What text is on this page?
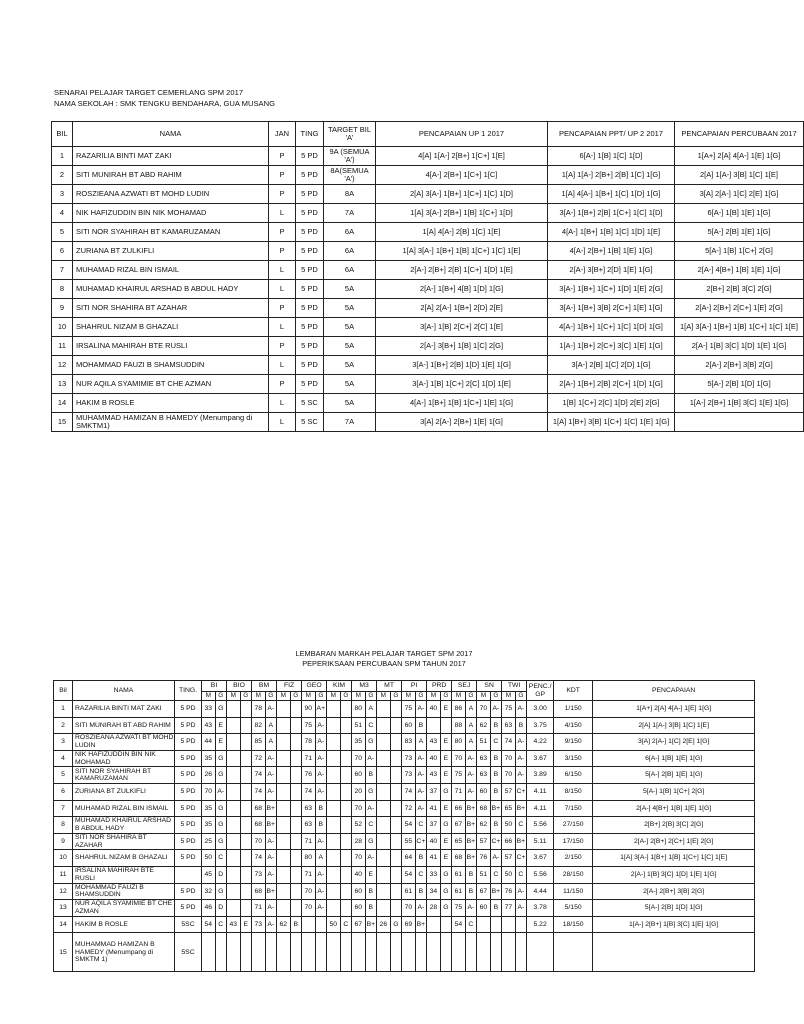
SENARAI PELAJAR TARGET CEMERLANG SPM 2017
NAMA SEKOLAH : SMK TENGKU BENDAHARA, GUA MUSANG
BIL	NAMA	JAN	TING	TARGET BIL 'A'	PENCAPAIAN UP 1 2017	PENCAPAIAN PPT/ UP 2 2017	PENCAPAIAN PERCUBAAN 2017
1	RAZARILIA BINTI MAT ZAKI	P	5 PD	9A (SEMUA 'A')	4[A] 1[A-] 2[B+] 1[C+] 1[E]	6[A-] 1[B] 1[C] 1[D]	1[A+] 2[A] 4[A-] 1[E] 1[G]
2	SITI MUNIRAH BT ABD RAHIM	P	5 PD	8A(SEMUA 'A')	4[A-] 2[B+] 1[C+] 1[C]	1[A] 1[A-] 2[B+] 2[B] 1[C] 1[G]	2[A] 1[A-] 3[B] 1[C] 1[E]
3	ROSZIEANA AZWATI BT MOHD LUDIN	P	5 PD	8A	2[A] 3[A-] 1[B+] 1[C+] 1[C] 1[D]	1[A] 4[A-] 1[B+] 1[C] 1[D] 1[G]	3[A] 2[A-] 1[C] 2[E] 1[G]
4	NIK HAFIZUDDIN BIN NIK MOHAMAD	L	5 PD	7A	1[A] 3[A-] 2[B+] 1[B] 1[C+] 1[D]	3[A-] 1[B+] 2[B] 1[C+] 1[C] 1[D]	6[A-] 1[B] 1[E] 1[G]
5	SITI NOR SYAHIRAH BT KAMARUZAMAN	P	5 PD	6A	1[A] 4[A-] 2[B] 1[C] 1[E]	4[A-] 1[B+] 1[B] 1[C] 1[D] 1[E]	5[A-] 2[B] 1[E] 1[G]
6	ZURIANA BT ZULKIFLI	P	5 PD	6A	1[A] 3[A-] 1[B+] 1[B] 1[C+] 1[C] 1[E]	4[A-] 2[B+] 1[B] 1[E] 1[G]	5[A-] 1[B] 1[C+] 2[G]
7	MUHAMAD RIZAL BIN ISMAIL	L	5 PD	6A	2[A-] 2[B+] 2[B] 1[C+] 1[D] 1[E]	2[A-] 3[B+] 2[D] 1[E] 1[G]	2[A-] 4[B+] 1[B] 1[E] 1[G]
8	MUHAMAD KHAIRUL ARSHAD B ABDUL HADY	L	5 PD	5A	2[A-] 1[B+] 4[B] 1[D] 1[G]	3[A-] 1[B+] 1[C+] 1[D] 1[E] 2[G]	2[B+] 2[B] 3[C] 2[G]
9	SITI NOR SHAHIRA BT AZAHAR	P	5 PD	5A	2[A] 2[A-] 1[B+] 2[D] 2[E]	3[A-] 1[B+] 3[B] 2[C+] 1[E] 1[G]	2[A-] 2[B+] 2[C+] 1[E] 2[G]
10	SHAHRUL NIZAM B GHAZALI	L	5 PD	5A	3[A-] 1[B] 2[C+] 2[C] 1[E]	4[A-] 1[B+] 1[C+] 1[C] 1[D] 1[G]	1[A] 3[A-] 1[B+] 1[B] 1[C+] 1[C] 1[E]
11	IRSALINA MAHIRAH BTE RUSLI	P	5 PD	5A	2[A-] 3[B+] 1[B] 1[C] 2[G]	1[A-] 1[B+] 2[C+] 3[C] 1[E] 1[G]	2[A-] 1[B] 3[C] 1[D] 1[E] 1[G]
12	MOHAMMAD FAUZI B SHAMSUDDIN	L	5 PD	5A	3[A-] 1[B+] 2[B] 1[D] 1[E] 1[G]	3[A-] 2[B] 1[C] 2[D] 1[G]	2[A-] 2[B+] 3[B] 2[G]
13	NUR AQILA SYAMIMIE BT CHE AZMAN	P	5 PD	5A	3[A-] 1[B] 1[C+] 2[C] 1[D] 1[E]	2[A-] 1[B+] 2[B] 2[C+] 1[D] 1[G]	5[A-] 2[B] 1[D] 1[G]
14	HAKIM B ROSLE	L	5 SC	5A	4[A-] 1[B+] 1[B] 1[C+] 1[E] 1[G]	1[B] 1[C+] 2[C] 1[D] 2[E] 2[G]	1[A-] 2[B+] 1[B] 3[C] 1[E] 1[G]
15	MUHAMMAD HAMIZAN B HAMEDY (Menumpang di SMKTM1)	L	5 SC	7A	3[A] 2[A-] 2[B+] 1[E] 1[G]	1[A] 1[B+] 3[B] 1[C+] 1[C] 1[E] 1[G]	
LEMBARAN MARKAH PELAJAR TARGET SPM 2017
PEPERIKSAAN PERCUBAAN SPM TAHUN 2017
Bil	NAMA	TING.	BI		BIO		BM		FIZ		GEO		KIM		M3		MT		PI		PRD		SEJ		SN		TWI		PENC./ GP	KDT	PENCAPAIAN
			M	G	M	G	M	G	M	G	M	G	M	G	M	G	M	G	M	G	M	G	M	G	M	G	M	G			
1	RAZARILIA BINTI MAT ZAKI	5 PD	33	G			78	A-			90	A+			80	A			75	A-	40	E	86	A	70	A-	75	A-	3.00	1/150	1[A+] 2[A] 4[A-] 1[E] 1[G]
2	SITI MUNIRAH BT ABD RAHIM	5 PD	43	E			82	A			75	A-			51	C			60	B			88	A	62	B	63	B	3.75	4/150	2[A] 1[A-] 3[B] 1[C] 1[E]
3	ROSZIEANA AZWATI BT MOHD LUDIN	5 PD	44	E			85	A			78	A-			35	G			83	A	43	E	80	A	51	C	74	A-	4.22	9/150	3[A] 2[A-] 1[C] 2[E] 1[G]
4	NIK HAFIZUDDIN BIN NIK MOHAMAD	5 PD	35	G			72	A-			71	A-			70	A-			73	A-	40	E	70	A-	63	B	70	A-	3.67	3/150	6[A-] 1[B] 1[E] 1[G]
5	SITI NOR SYAHIRAH BT KAMARUZAMAN	5 PD	26	G			74	A-			76	A-			60	B			73	A-	43	E	75	A-	63	B	70	A-	3.89	6/150	5[A-] 2[B] 1[E] 1[G]
6	ZURIANA BT ZULKIFLI	5 PD	70	A-			74	A-			74	A-			20	G			74	A-	37	G	71	A-	60	B	57	C+	4.11	8/150	5[A-] 1[B] 1[C+] 2[G]
7	MUHAMAD RIZAL BIN ISMAIL	5 PD	35	G			68	B+			63	B			70	A-			72	A-	41	E	66	B+	68	B+	65	B+	4.11	7/150	2[A-] 4[B+] 1[B] 1[E] 1[G]
8	MUHAMAD KHAIRUL ARSHAD B ABDUL HADY	5 PD	35	G			68	B+			63	B			52	C			54	C	37	G	67	B+	62	B	50	C	5.56	27/150	2[B+] 2[B] 3[C] 2[G]
9	SITI NOR SHAHIRA BT AZAHAR	5 PD	25	G			70	A-			71	A-			28	G			55	C+	40	E	65	B+	57	C+	66	B+	5.11	17/150	2[A-] 2[B+] 2[C+] 1[E] 2[G]
10	SHAHRUL NIZAM B GHAZALI	5 PD	50	C			74	A-			80	A			70	A-			64	B	41	E	68	B+	76	A-	57	C+	3.67	2/150	1[A] 3[A-] 1[B+] 1[B] 1[C+] 1[C] 1[E]
11	IRSALINA MAHIRAH BTE RUSLI		45	D			73	A-			71	A-			40	E			54	C	33	G	61	B	51	C	50	C	5.56	28/150	2[A-] 1[B] 3[C] 1[D] 1[E] 1[G]
12	MOHAMMAD FAUZI B SHAMSUDDIN	5 PD	32	G			68	B+			70	A-			60	B			61	B	34	G	61	B	67	B+	76	A-	4.44	11/150	2[A-] 2[B+] 3[B] 2[G]
13	NUR AQILA SYAMIMIE BT CHE AZMAN	5 PD	46	D			71	A-			70	A-			60	B			70	A-	28	G	75	A-	60	B	77	A-	3.78	5/150	5[A-] 2[B] 1[D] 1[G]
14	HAKIM B ROSLE	5SC	54	C	43	E	73	A-	62	B			50	C	67	B+	26	G	69	B+			54	C					5.22	18/150	1[A-] 2[B+] 1[B] 3[C] 1[E] 1[G]
15	MUHAMMAD HAMIZAN B HAMEDY (Menumpang di SMKTM 1)	5SC																													
